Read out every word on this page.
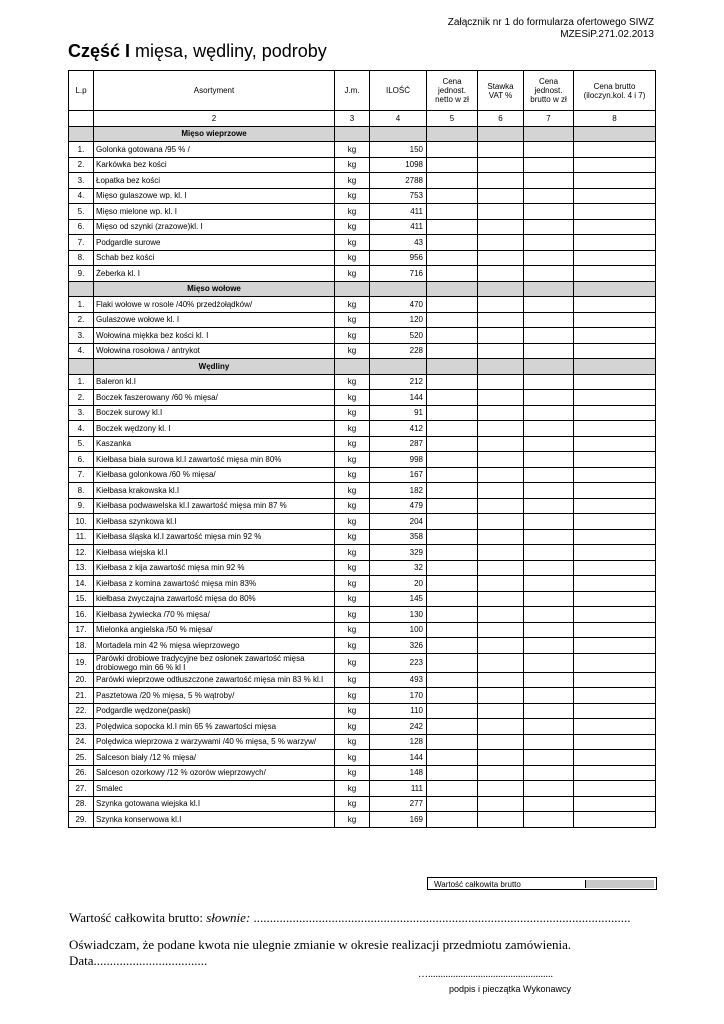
Załącznik nr 1 do formularza ofertowego SIWZ
MZESiP.271.02.2013
Część I mięsa, wędliny, podroby
L.p	Asortyment	J.m.	ILOŚĆ	Cena jednost. netto w zł	Stawka VAT %	Cena jednost. brutto w zł	Cena brutto (iloczyn.kol. 4 i 7)
	2	3	4	5	6	7	8
	Mięso wieprzowe						
1.	Golonka gotowana /95 % /	kg	150				
2.	Karkówka bez kości	kg	1098				
3.	Łopatka bez kości	kg	2788				
4.	Mięso gulaszowe wp. kl. I	kg	753				
5.	Mięso mielone wp. kl. I	kg	411				
6.	Mięso od szynki (zrazowe)kl. I	kg	411				
7.	Podgardle surowe	kg	43				
8.	Schab bez kości	kg	956				
9.	Żeberka kl. I	kg	716				
	Mięso wołowe						
1.	Flaki wołowe w rosole /40% przedżołądków/	kg	470				
2.	Gulaszowe wołowe kl. I	kg	120				
3.	Wołowina miękka bez kości kl. I	kg	520				
4.	Wołowina rosołowa / antrykot	kg	228				
	Wędliny						
1.	Baleron kl.I	kg	212				
2.	Boczek faszerowany /60 % mięsa/	kg	144				
3.	Boczek surowy kl.I	kg	91				
4.	Boczek wędzony kl. I	kg	412				
5.	Kaszanka	kg	287				
6.	Kiełbasa biała surowa kl.I zawartość mięsa min 80%	kg	998				
7.	Kiełbasa golonkowa /60 % mięsa/	kg	167				
8.	Kiełbasa krakowska kl.I	kg	182				
9.	Kiełbasa podwawelska kl.I zawartość mięsa min 87 %	kg	479				
10.	Kiełbasa szynkowa kl.I	kg	204				
11.	Kiełbasa śląska kl.I zawartość mięsa min 92 %	kg	358				
12.	Kiełbasa wiejska kl.I	kg	329				
13.	Kiełbasa z kija zawartość mięsa min 92 %	kg	32				
14.	Kiełbasa z komina zawartość mięsa min 83%	kg	20				
15.	kiełbasa zwyczajna zawartość mięsa do 80%	kg	145				
16.	Kiełbasa żywiecka /70 % mięsa/	kg	130				
17.	Mielonka angielska /50 % mięsa/	kg	100				
18.	Mortadela min 42 % mięsa wieprzowego	kg	326				
19.	Parówki drobiowe tradycyjne bez osłonek zawartość mięsa drobiowego min 66 % kl I	kg	223				
20.	Parówki wieprzowe odtłuszczone zawartość mięsa min 83 % kl.I	kg	493				
21.	Pasztetowa /20 % mięsa, 5 % wątroby/	kg	170				
22.	Podgardle wędzone(paski)	kg	110				
23.	Polędwica sopocka kl.I min 65 % zawartości mięsa	kg	242				
24.	Polędwica wieprzowa z warzywami /40 % mięsa, 5 % warzyw/	kg	128				
25.	Salceson biały /12 % mięsa/	kg	144				
26.	Salceson ozorkowy /12 % ozorów wieprzowych/	kg	148				
27.	Smalec	kg	111				
28.	Szynka gotowana wiejska kl.I	kg	277				
29.	Szynka konserwowa kl.I	kg	169				
Wartość całkowita brutto
Wartość całkowita brutto: słownie: ....................................................................................................................
Oświadczam, że podane kwota nie ulegnie zmianie w okresie realizacji przedmiotu zamówienia.
Data...................................
…..................................................
podpis i pieczątka Wykonawcy
